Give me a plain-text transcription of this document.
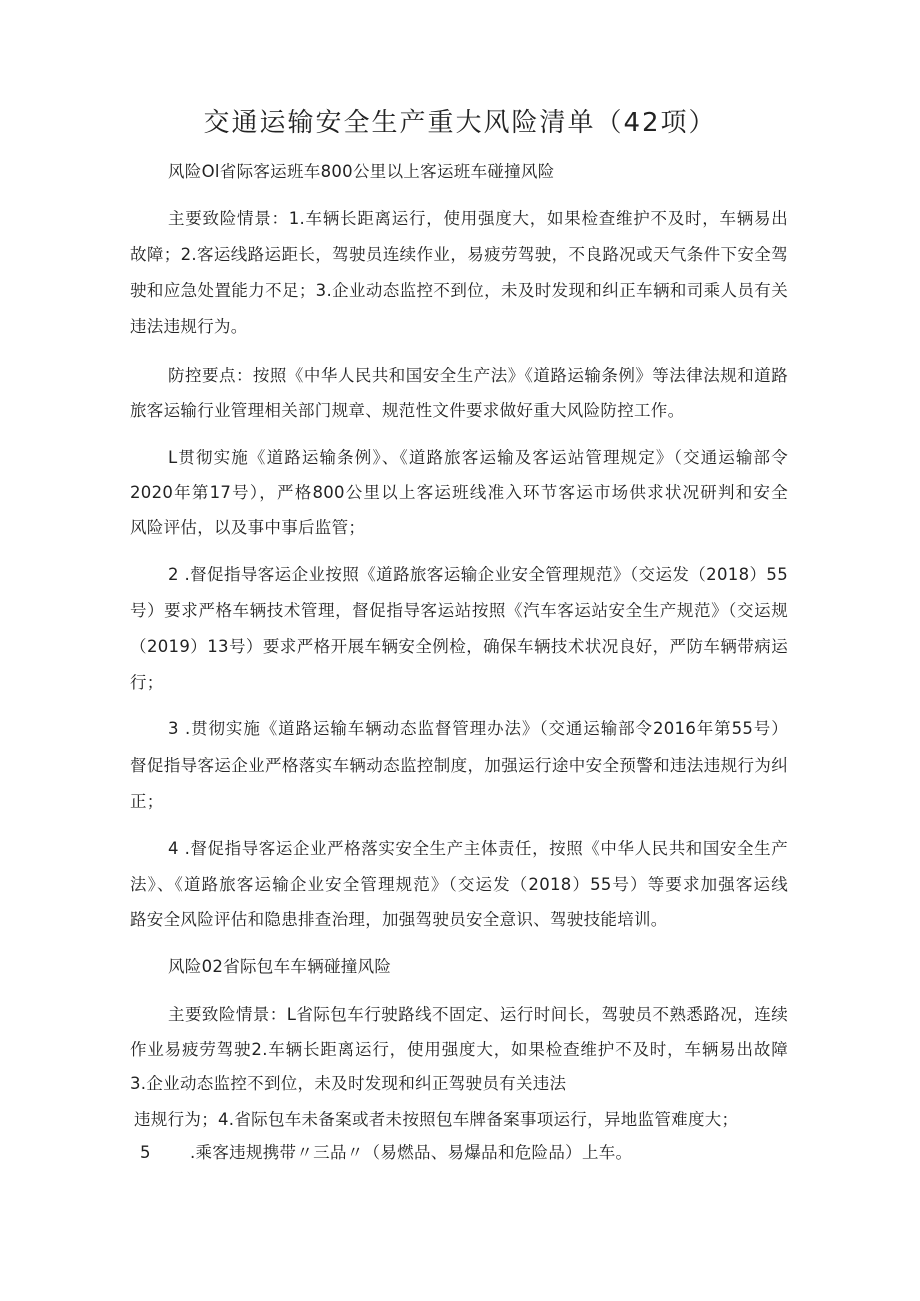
交通运输安全生产重大风险清单（42项）
风险Ol省际客运班车800公里以上客运班车碰撞风险
主要致险情景：1.车辆长距离运行，使用强度大，如果检查维护不及时，车辆易出
故障；2.客运线路运距长，驾驶员连续作业，易疲劳驾驶，不良路况或天气条件下安全驾
驶和应急处置能力不足；3.企业动态监控不到位，未及时发现和纠正车辆和司乘人员有关
违法违规行为。
防控要点：按照《中华人民共和国安全生产法》《道路运输条例》等法律法规和道路
旅客运输行业管理相关部门规章、规范性文件要求做好重大风险防控工作。
L贯彻实施《道路运输条例》、《道路旅客运输及客运站管理规定》（交通运输部令
2020年第17号），严格800公里以上客运班线准入环节客运市场供求状况研判和安全
风险评估，以及事中事后监管；
2 .督促指导客运企业按照《道路旅客运输企业安全管理规范》（交运发（2018）55
号）要求严格车辆技术管理，督促指导客运站按照《汽车客运站安全生产规范》（交运规
（2019）13号）要求严格开展车辆安全例检，确保车辆技术状况良好，严防车辆带病运
行；
3 .贯彻实施《道路运输车辆动态监督管理办法》（交通运输部令2016年第55号）
督促指导客运企业严格落实车辆动态监控制度，加强运行途中安全预警和违法违规行为纠
正；
4 .督促指导客运企业严格落实安全生产主体责任，按照《中华人民共和国安全生产
法》、《道路旅客运输企业安全管理规范》（交运发（2018）55号）等要求加强客运线
路安全风险评估和隐患排查治理，加强驾驶员安全意识、驾驶技能培训。
风险02省际包车车辆碰撞风险
主要致险情景：L省际包车行驶路线不固定、运行时间长，驾驶员不熟悉路况，连续
作业易疲劳驾驶2.车辆长距离运行，使用强度大，如果检查维护不及时，车辆易出故障
3.企业动态监控不到位，未及时发现和纠正驾驶员有关违法
违规行为；4.省际包车未备案或者未按照包车牌备案事项运行，异地监管难度大；
5 .乘客违规携带〃三品〃（易燃品、易爆品和危险品）上车。
